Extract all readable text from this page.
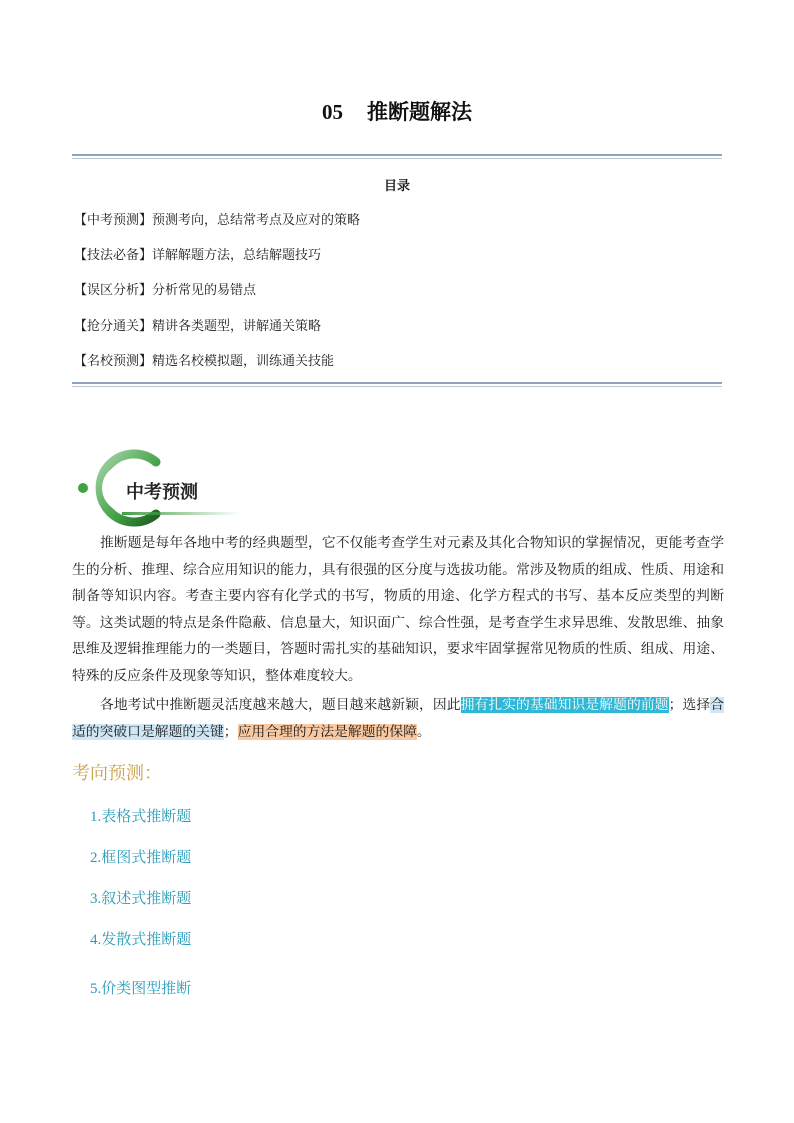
05 推断题解法
目录
【中考预测】预测考向，总结常考点及应对的策略
【技法必备】详解解题方法，总结解题技巧
【误区分析】分析常见的易错点
【抢分通关】精讲各类题型，讲解通关策略
【名校预测】精选名校模拟题，训练通关技能
中考预测
推断题是每年各地中考的经典题型，它不仅能考查学生对元素及其化合物知识的掌握情况，更能考查学生的分析、推理、综合应用知识的能力，具有很强的区分度与选拔功能。常涉及物质的组成、性质、用途和制备等知识内容。考查主要内容有化学式的书写，物质的用途、化学方程式的书写、基本反应类型的判断等。这类试题的特点是条件隐蔽、信息量大，知识面广、综合性强，是考查学生求异思维、发散思维、抽象思维及逻辑推理能力的一类题目，答题时需扎实的基础知识，要求牢固掌握常见物质的性质、组成、用途、特殊的反应条件及现象等知识，整体难度较大。
各地考试中推断题灵活度越来越大，题目越来越新颖，因此拥有扎实的基础知识是解题的前题；选择合适的突破口是解题的关键；应用合理的方法是解题的保障。
考向预测：
1.表格式推断题
2.框图式推断题
3.叙述式推断题
4.发散式推断题
5.价类图型推断
